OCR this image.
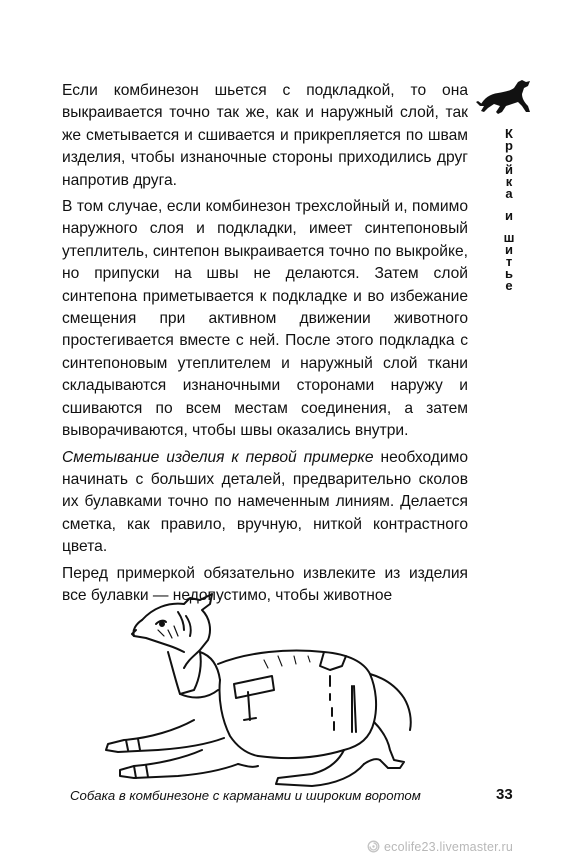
К
р
о
й
к
а
и
ш
и
т
ь
е

Если комбинезон шьется с подкладкой, то она выкраивается точно так же, как и наружный слой, так же сметывается и сшивается и прикрепляется по швам изделия, чтобы изнаночные стороны приходились друг напротив друга.

В том случае, если комбинезон трехслойный и, помимо наружного слоя и подкладки, имеет синтепоновый утеплитель, синтепон выкраивается точно по выкройке, но припуски на швы не делаются. Затем слой синтепона приметывается к подкладке и во избежание смещения при активном движении животного простегивается вместе с ней. После этого подкладка с синтепоновым утеплителем и наружный слой ткани складываются изнаночными сторонами наружу и сшиваются по всем местам соединения, а затем выворачиваются, чтобы швы оказались внутри.

Сметывание изделия к первой примерке необходимо начинать с больших деталей, предварительно сколов их булавками точно по намеченным линиям. Делается сметка, как правило, вручную, ниткой контрастного цвета.

Перед примеркой обязательно извлеките из изделия все булавки — недопустимо, чтобы животное

Собака в комбинезоне с карманами и широким воротом	33
ecolife23.livemaster.ru
